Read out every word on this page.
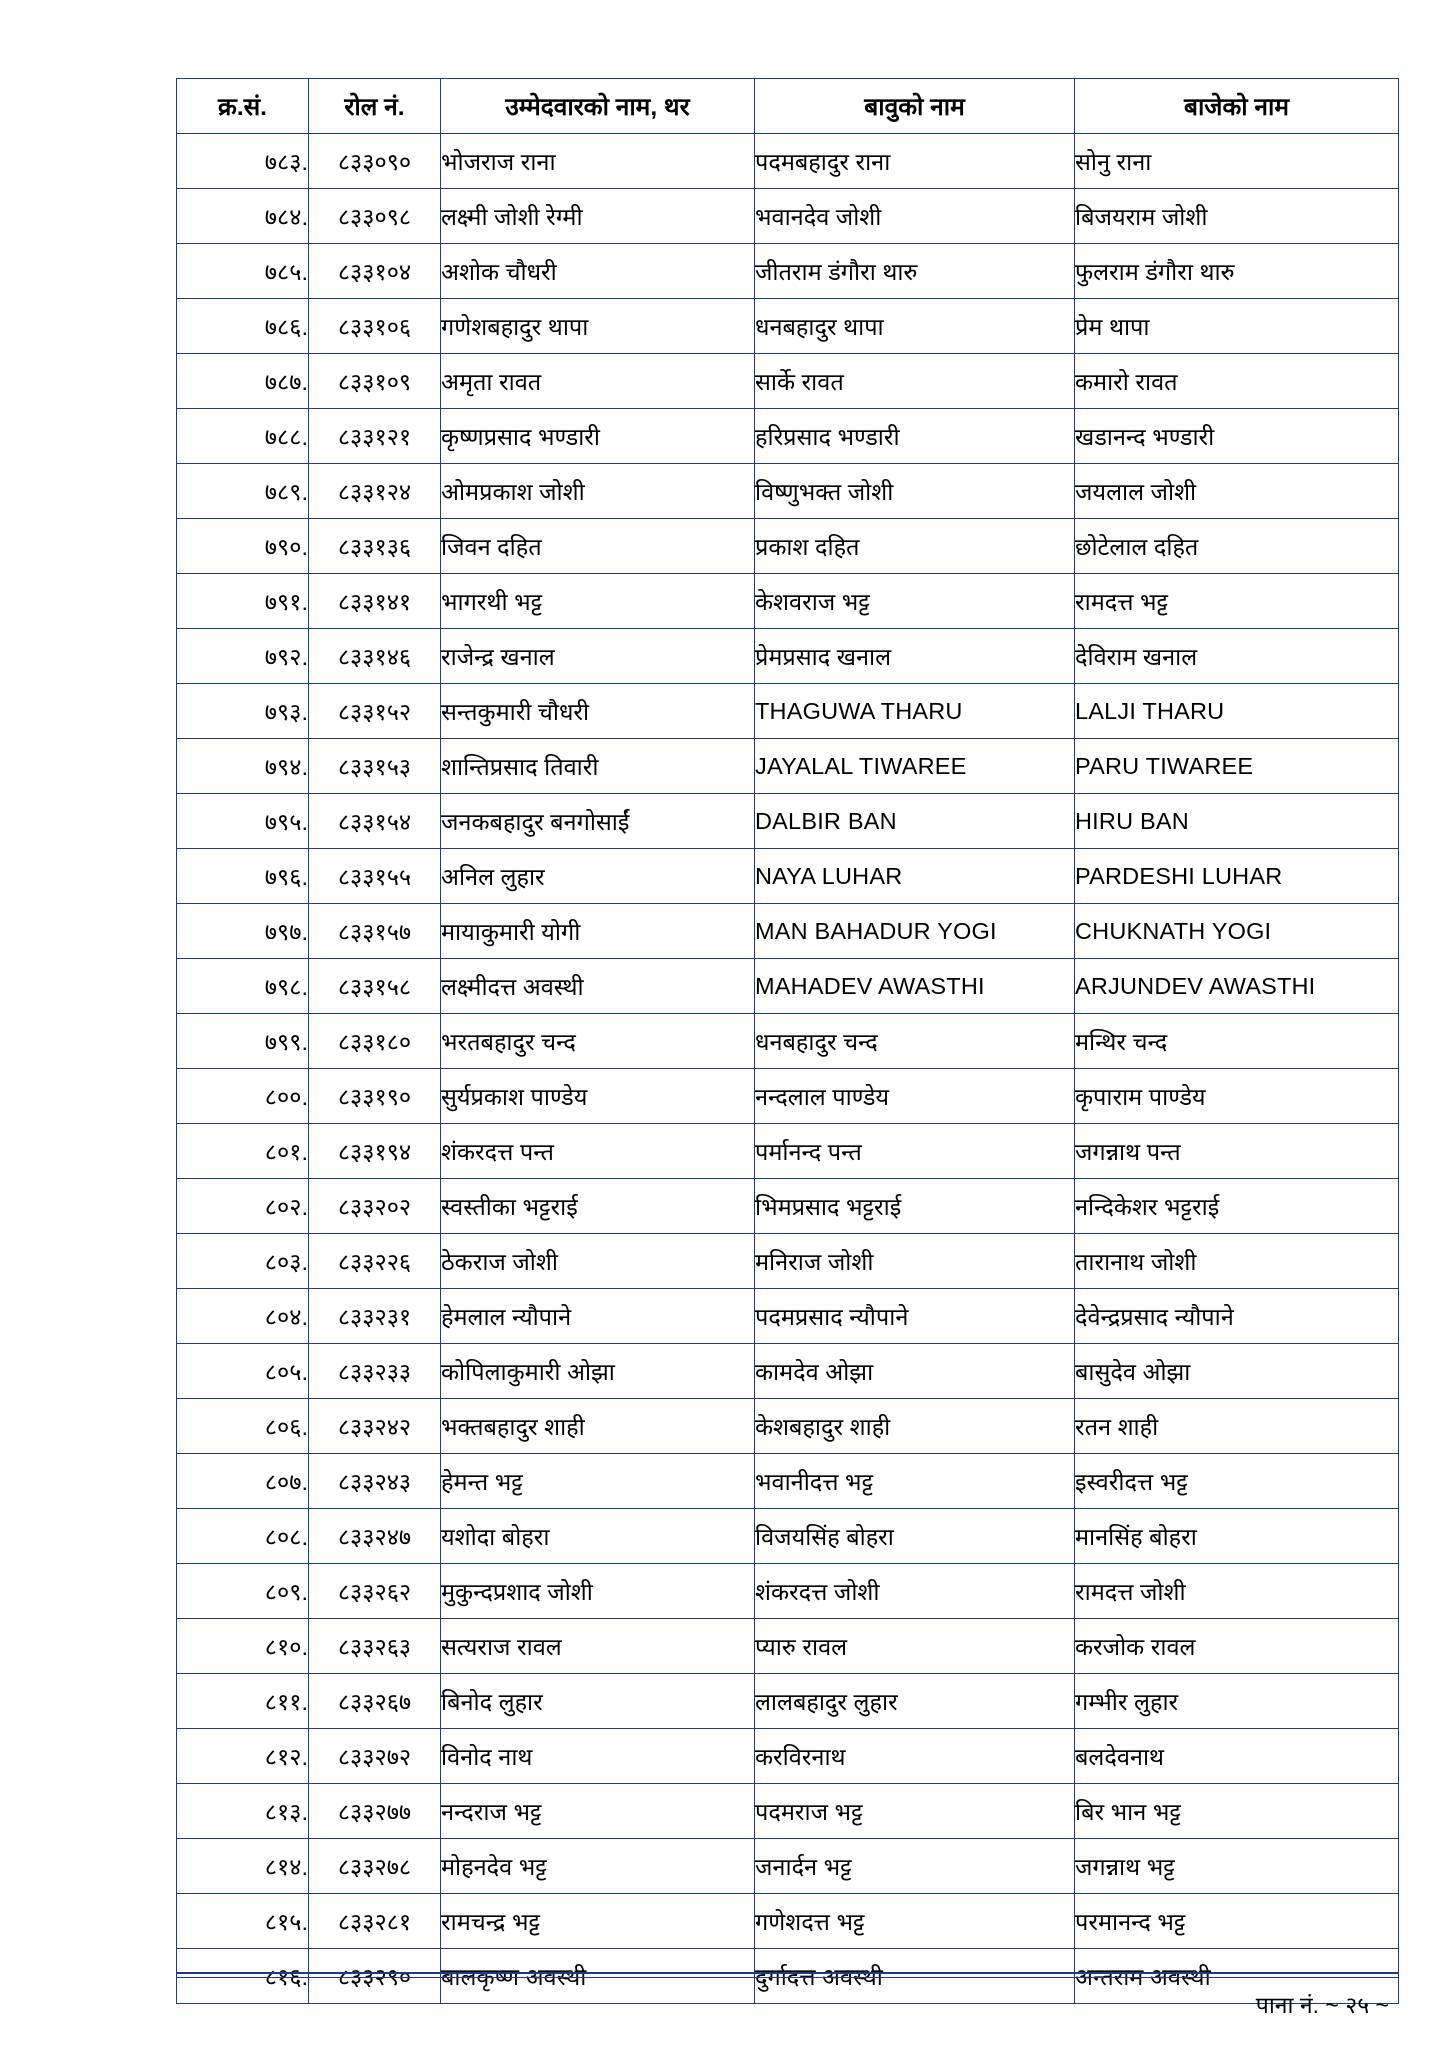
क्र.सं.	रोल नं.	उम्मेदवारको नाम, थर	बावुको नाम	बाजेको नाम
७८३.	८३३०९०	भोजराज राना	पदमबहादुर राना	सोनु राना
७८४.	८३३०९८	लक्ष्मी जोशी रेग्मी	भवानदेव जोशी	बिजयराम जोशी
७८५.	८३३१०४	अशोक चौधरी	जीतराम डंगौरा थारु	फुलराम डंगौरा थारु
७८६.	८३३१०६	गणेशबहादुर थापा	धनबहादुर थापा	प्रेम थापा
७८७.	८३३१०९	अमृता रावत	सार्के रावत	कमारो रावत
७८८.	८३३१२१	कृष्णप्रसाद भण्डारी	हरिप्रसाद भण्डारी	खडानन्द भण्डारी
७८९.	८३३१२४	ओमप्रकाश जोशी	विष्णुभक्त जोशी	जयलाल जोशी
७९०.	८३३१३६	जिवन दहित	प्रकाश दहित	छोटेलाल दहित
७९१.	८३३१४१	भागरथी भट्ट	केशवराज भट्ट	रामदत्त भट्ट
७९२.	८३३१४६	राजेन्द्र खनाल	प्रेमप्रसाद खनाल	देविराम खनाल
७९३.	८३३१५२	सन्तकुमारी चौधरी	THAGUWA THARU	LALJI THARU
७९४.	८३३१५३	शान्तिप्रसाद तिवारी	JAYALAL TIWAREE	PARU TIWAREE
७९५.	८३३१५४	जनकबहादुर बनगोसाईं	DALBIR BAN	HIRU BAN
७९६.	८३३१५५	अनिल लुहार	NAYA LUHAR	PARDESHI LUHAR
७९७.	८३३१५७	मायाकुमारी योगी	MAN BAHADUR YOGI	CHUKNATH YOGI
७९८.	८३३१५८	लक्ष्मीदत्त अवस्थी	MAHADEV AWASTHI	ARJUNDEV AWASTHI
७९९.	८३३१८०	भरतबहादुर चन्द	धनबहादुर चन्द	मन्थिर चन्द
८००.	८३३१९०	सुर्यप्रकाश पाण्डेय	नन्दलाल पाण्डेय	कृपाराम पाण्डेय
८०१.	८३३१९४	शंकरदत्त पन्त	पर्मानन्द पन्त	जगन्नाथ पन्त
८०२.	८३३२०२	स्वस्तीका भट्टराई	भिमप्रसाद भट्टराई	नन्दिकेशर भट्टराई
८०३.	८३३२२६	ठेकराज जोशी	मनिराज जोशी	तारानाथ जोशी
८०४.	८३३२३१	हेमलाल न्यौपाने	पदमप्रसाद न्यौपाने	देवेन्द्रप्रसाद न्यौपाने
८०५.	८३३२३३	कोपिलाकुमारी ओझा	कामदेव ओझा	बासुदेव ओझा
८०६.	८३३२४२	भक्तबहादुर शाही	केशबहादुर शाही	रतन शाही
८०७.	८३३२४३	हेमन्त भट्ट	भवानीदत्त भट्ट	इस्वरीदत्त भट्ट
८०८.	८३३२४७	यशोदा बोहरा	विजयसिंह बोहरा	मानसिंह बोहरा
८०९.	८३३२६२	मुकुन्दप्रशाद जोशी	शंकरदत्त जोशी	रामदत्त जोशी
८१०.	८३३२६३	सत्यराज रावल	प्यारु रावल	करजोक रावल
८११.	८३३२६७	बिनोद लुहार	लालबहादुर लुहार	गम्भीर लुहार
८१२.	८३३२७२	विनोद नाथ	करविरनाथ	बलदेवनाथ
८१३.	८३३२७७	नन्दराज भट्ट	पदमराज भट्ट	बिर भान भट्ट
८१४.	८३३२७८	मोहनदेव भट्ट	जनार्दन भट्ट	जगन्नाथ भट्ट
८१५.	८३३२८१	रामचन्द्र भट्ट	गणेशदत्त भट्ट	परमानन्द भट्ट
८१६.	८३३२९०	बालकृष्ण अवस्थी	दुर्गादत्त अवस्थी	अन्तराम अवस्थी
पाना नं. ~ २५ ~
